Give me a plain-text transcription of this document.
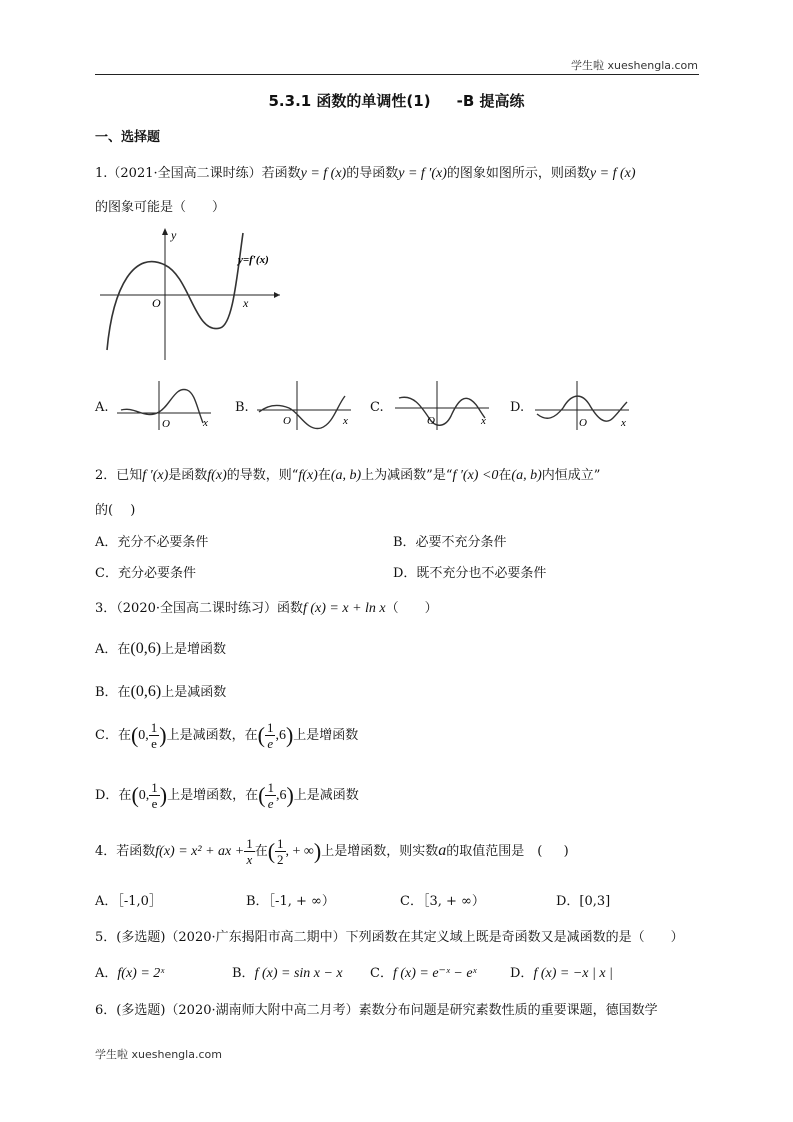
学生啦 xueshengla.com
5.3.1 函数的单调性(1) -B 提高练
一、选择题
1.（2021·全国高二课时练）若函数y = f (x)的导函数y = f ′(x)的图象如图所示，则函数y = f (x)
的图象可能是（　　）
y
x
O
y=f′(x)
A.
O	x
B.
O	x
C.
O	x
D.
O	x
2．已知f ′(x)是函数f(x)的导数，则“f(x)在(a, b)上为减函数”是“f ′(x) <0在(a, b)内恒成立”
的(　 )
A．充分不必要条件	B．必要不充分条件
C．充分必要条件	D．既不充分也不必要条件
3．（2020·全国高二课时练习）函数f (x) = x + ln x（　　）
A．在(0,6)上是增函数
B．在(0,6)上是减函数
C．在(0, $\frac{1}{e}$ )上是减函数，在( $\frac{1}{e} ,6$)上是增函数
D．在(0, $\frac{1}{e}$ )上是增函数，在( $\frac{1}{e} ,6$)上是减函数
4．若函数f(x) = x² + ax + $\frac{1}{x}$ 在( $\frac{1}{2}$ , + ∞)上是增函数，则实数a的取值范围是　( 　 )
A．［-1,0］	B．［-1, + ∞）	C．［3, + ∞）	D．[0,3]
5．(多选题)（2020·广东揭阳市高二期中）下列函数在其定义域上既是奇函数又是减函数的是（　　）
A．f(x) = 2ˣ	B．f (x) = sin x − x C．f (x) = e⁻ˣ − eˣ	D．f (x) = −x | x |
6．(多选题)（2020·湖南师大附中高二月考）素数分布问题是研究素数性质的重要课题，德国数学
学生啦 xueshengla.com
